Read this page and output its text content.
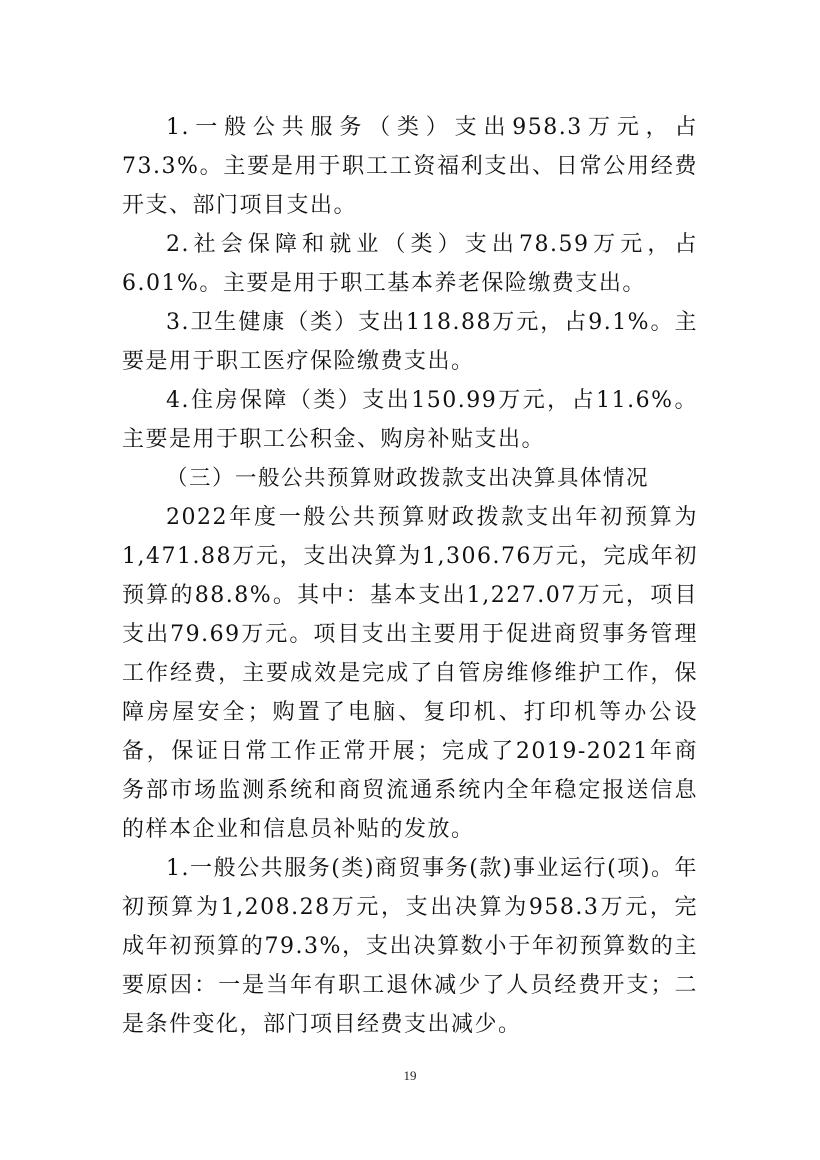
1.一般公共服务（类）支出958.3万元，占73.3%。主要是用于职工工资福利支出、日常公用经费开支、部门项目支出。

2.社会保障和就业（类）支出78.59万元，占6.01%。主要是用于职工基本养老保险缴费支出。

3.卫生健康（类）支出118.88万元，占9.1%。主要是用于职工医疗保险缴费支出。

4.住房保障（类）支出150.99万元，占11.6%。主要是用于职工公积金、购房补贴支出。

（三）一般公共预算财政拨款支出决算具体情况

2022年度一般公共预算财政拨款支出年初预算为1,471.88万元，支出决算为1,306.76万元，完成年初预算的88.8%。其中：基本支出1,227.07万元，项目支出79.69万元。项目支出主要用于促进商贸事务管理工作经费，主要成效是完成了自管房维修维护工作，保障房屋安全；购置了电脑、复印机、打印机等办公设备，保证日常工作正常开展；完成了2019-2021年商务部市场监测系统和商贸流通系统内全年稳定报送信息的样本企业和信息员补贴的发放。

1.一般公共服务(类)商贸事务(款)事业运行(项)。年初预算为1,208.28万元，支出决算为958.3万元，完成年初预算的79.3%，支出决算数小于年初预算数的主要原因：一是当年有职工退休减少了人员经费开支；二是条件变化，部门项目经费支出减少。

19
